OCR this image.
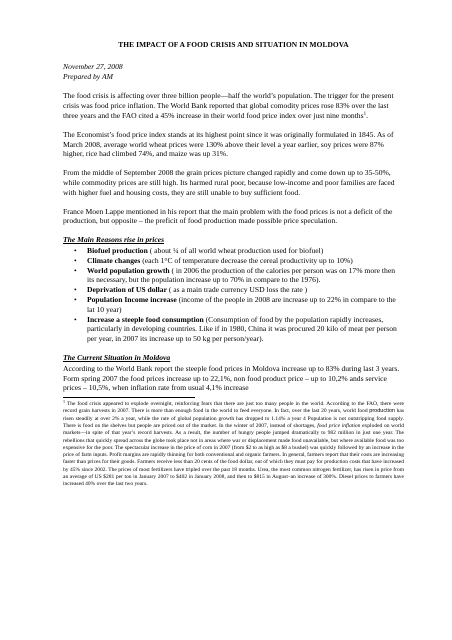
THE IMPACT OF A FOOD CRISIS AND SITUATION IN MOLDOVA

November 27, 2008

Prepared by AM

The food crisis is affecting over three billion people—half the world’s population. The trigger for the present crisis was food price inflation. The World Bank reported that global comodity prices rose 83% over the last three years and the FAO cited a 45% increase in their world food price index over just nine months$^1$.

The Economist’s food price index stands at its highest point since it was originally formulated in 1845. As of March 2008, average world wheat prices were 130% above their level a year earlier, soy prices were 87% higher, rice had climbed 74%, and maize was up 31%.

From the middle of September 2008 the grain prices picture changed rapidly and come down up to 35-50%, while commodity prices are still high. Its harmed rural poor, because low-income and poor families are faced with higher fuel and housing costs, they are still unable to buy sufficient food.

France Moen Lappe mentioned in his report that the main problem with the food prices is not a deficit of the production, but opposite – the preficit of food production made possible price speculation.

The Main Reasons rise in prices
• Biofuel production ( about ¼ of all world wheat production used for biofuel)
• Climate changes (each 1°C of temperature decrease the cereal productivity up to 10%)
• World population growth ( in 2006 the production of the calories per person was on 17% more then its necessary, but the population increase up to 70% in compare to the 1976).
• Deprivation of US dollar ( as a main trade currency USD loss the rate )
• Population Income increase (income of the people in 2008 are increase up to 22% in compare to the lat 10 year)
• Increase a steeple food consumption (Consumption of food by the population rapidly increases, particularly in developing countries. Like if in 1980, China it was procured 20 kilo of meat per person per year, in 2007 its increase up to 50 kg per person/year).
The Current Situation in Moldova

According to the World Bank report the steeple food prices in Moldova increase up to 83% during last 3 years. Form spring 2007 the food prices increase up to 22,1%, non food product price – up to 10,2% ands service prices – 10,5%, when inflation rate from usual 4,1% increase

$^1$ The food crisis appeared to explode overnight, reinforcing fears that there are just too many people in the world. According to the FAO, there were record grain harvests in 2007. There is more than enough food in the world to feed everyone. In fact, over the last 20 years, world food production has risen steadily at over 2% a year, while the rate of global population growth has dropped to 1.14% a year 4 Population is not outstripping food supply. There is food on the shelves but people are priced out of the market. In the winter of 2007, instead of shortages, food price inflation exploded on world markets—in spite of that year’s record harvests. As a result, the number of hungry people jumped dramatically to 982 million in just one year. The rebellions that quickly spread across the globe took place not in areas where war or displacement made food unavailable, but where available food was too expensive for the poor. The spectacular increase in the price of corn in 2007 (from $2 to as high as $8 a bushel) was quickly followed by an increase in the price of farm inputs. Profit margins are rapidly thinning for both conventional and organic farmers. In general, farmers report that their costs are increasing faster than prices for their goods. Farmers receive less than 20 cents of the food dollar, out of which they must pay for production costs that have increased by 45% since 2002. The prices of most fertilizers have tripled over the past 18 months. Urea, the most common nitrogen fertilizer, has risen in price from an average of US $281 per ton in January 2007 to $402 in January 2008, and then to $815 in August–an increase of 300%. Diesel prices to farmers have increased 40% over the last two years.
